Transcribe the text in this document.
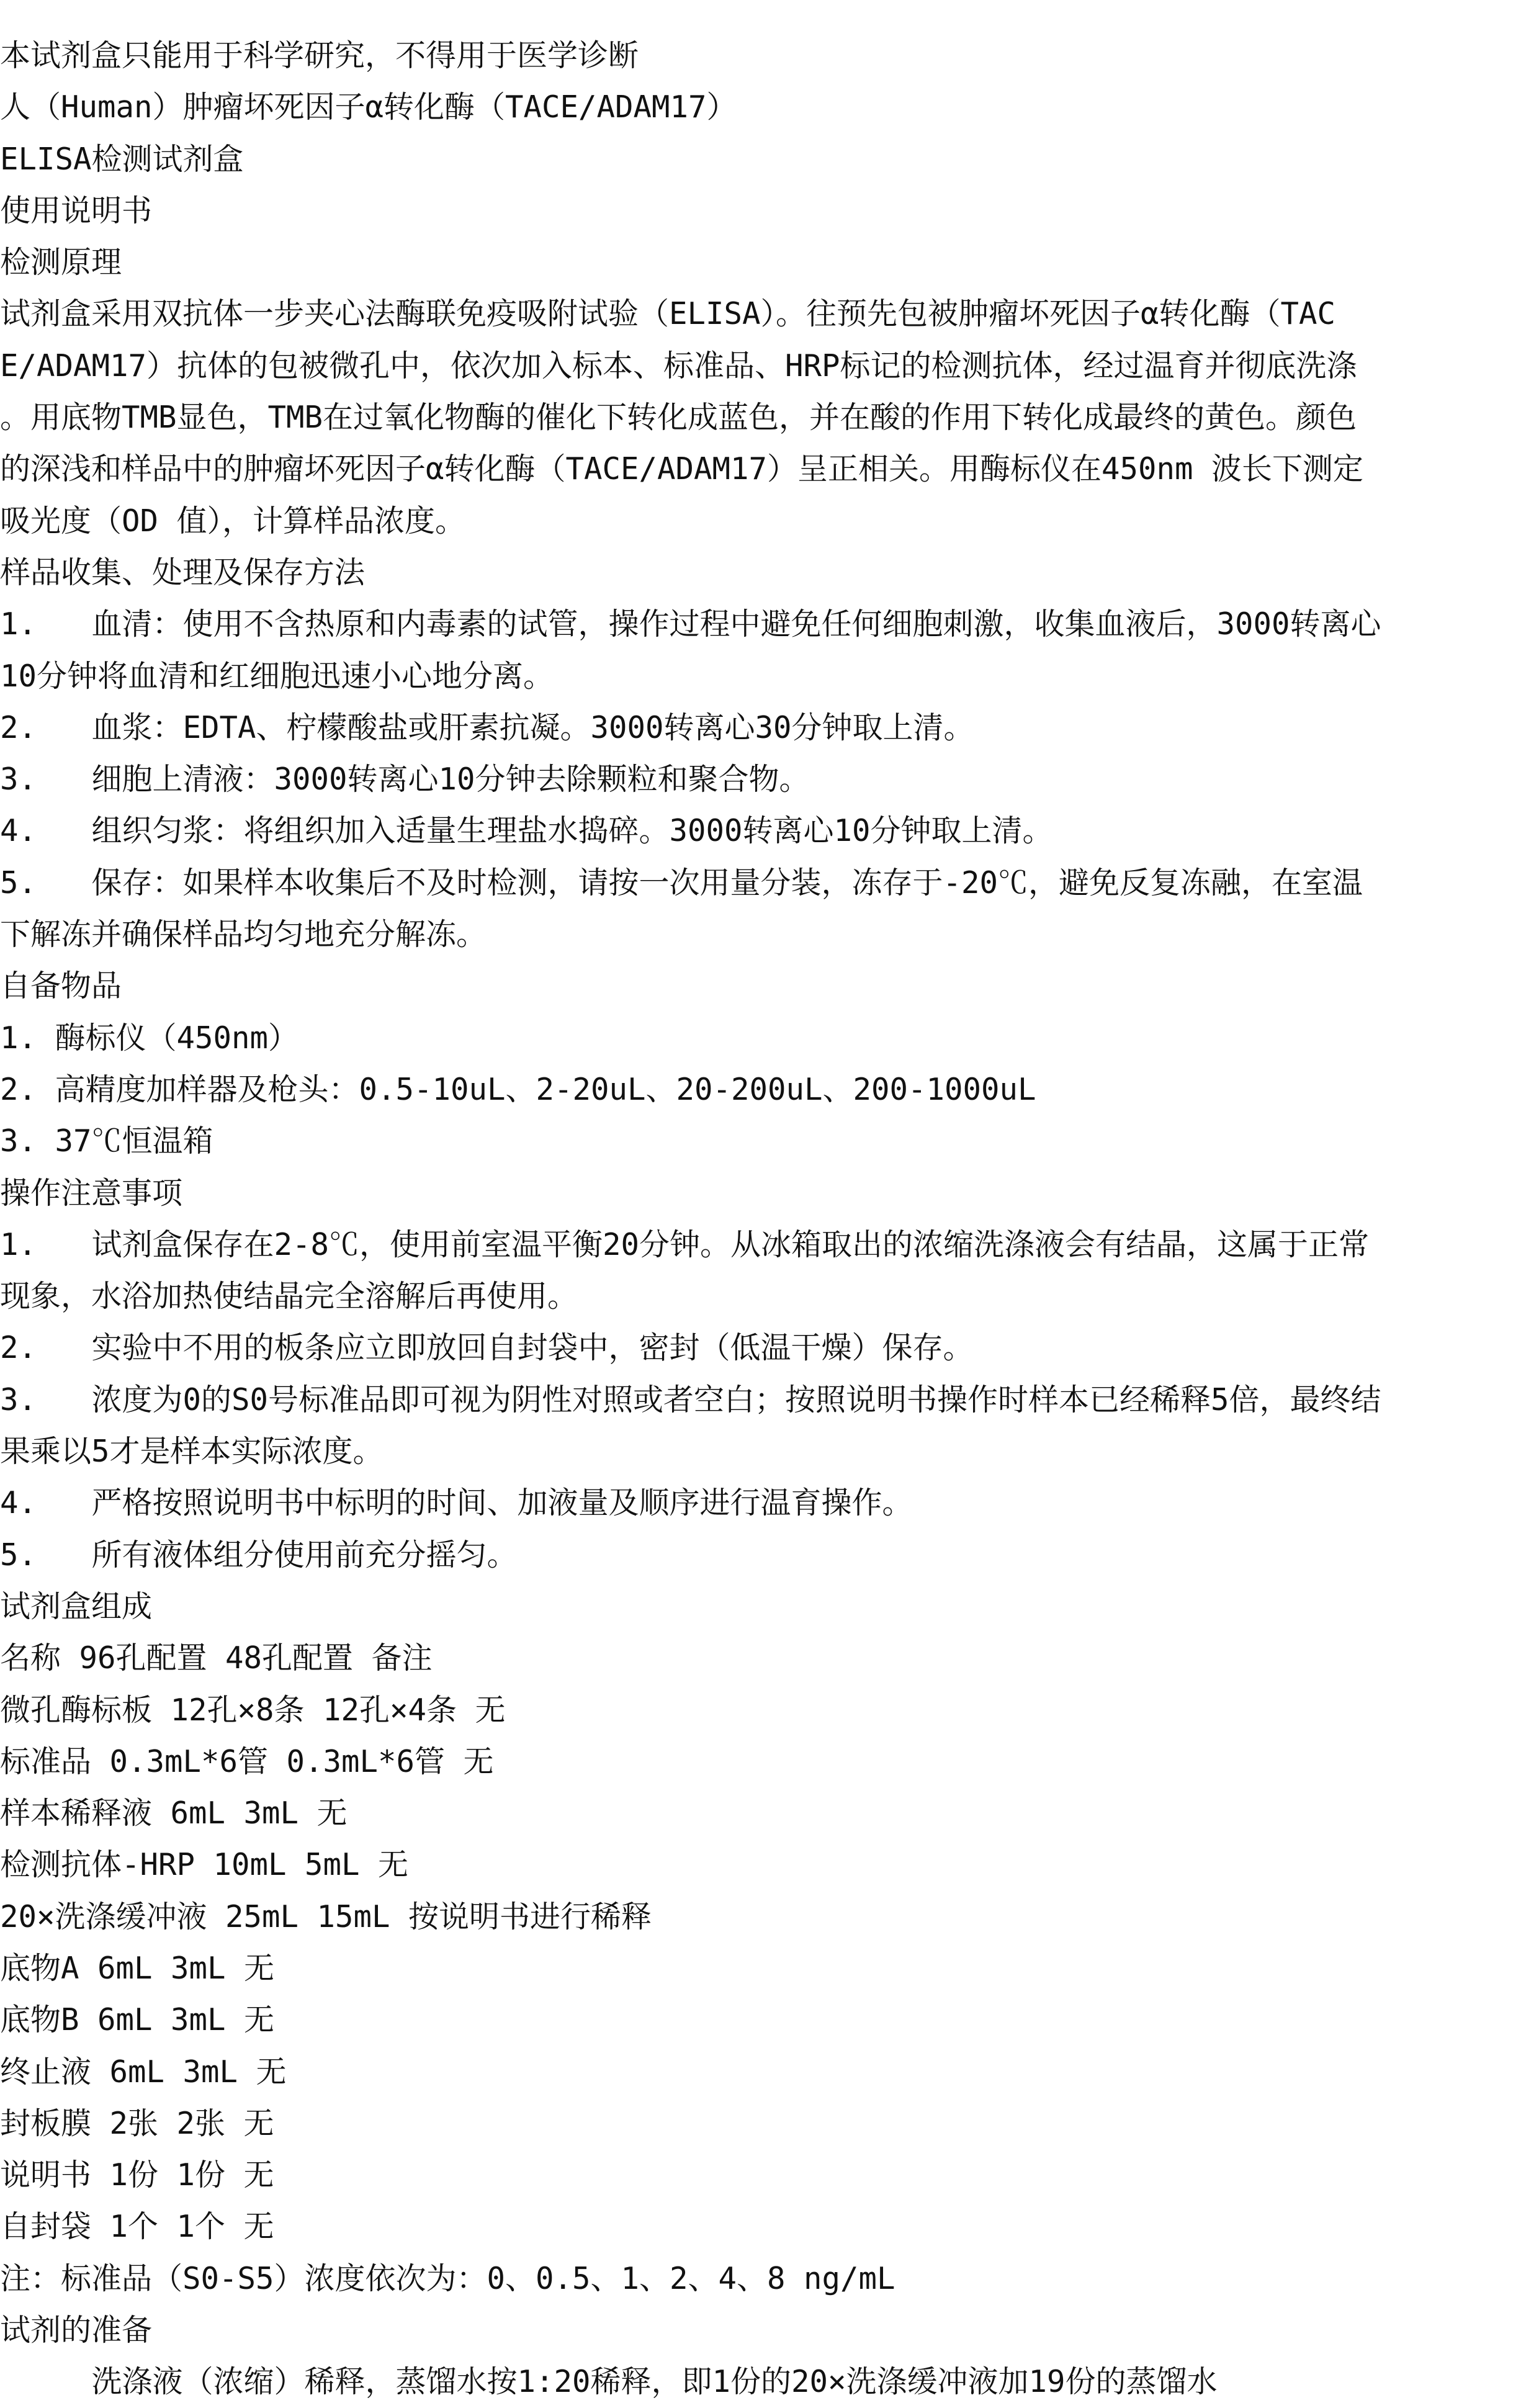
本试剂盒只能用于科学研究，不得用于医学诊断
人（Human）肿瘤坏死因子α转化酶（TACE/ADAM17）
ELISA检测试剂盒
使用说明书
检测原理
试剂盒采用双抗体一步夹心法酶联免疫吸附试验（ELISA）。往预先包被肿瘤坏死因子α转化酶（TAC
E/ADAM17）抗体的包被微孔中，依次加入标本、标准品、HRP标记的检测抗体，经过温育并彻底洗涤
。用底物TMB显色，TMB在过氧化物酶的催化下转化成蓝色，并在酸的作用下转化成最终的黄色。颜色
的深浅和样品中的肿瘤坏死因子α转化酶（TACE/ADAM17）呈正相关。用酶标仪在450nm 波长下测定
吸光度（OD 值），计算样品浓度。
样品收集、处理及保存方法
1.   血清：使用不含热原和内毒素的试管，操作过程中避免任何细胞刺激，收集血液后，3000转离心
10分钟将血清和红细胞迅速小心地分离。
2.   血浆：EDTA、柠檬酸盐或肝素抗凝。3000转离心30分钟取上清。
3.   细胞上清液：3000转离心10分钟去除颗粒和聚合物。
4.   组织匀浆：将组织加入适量生理盐水捣碎。3000转离心10分钟取上清。
5.   保存：如果样本收集后不及时检测，请按一次用量分装，冻存于-20℃，避免反复冻融，在室温
下解冻并确保样品均匀地充分解冻。
自备物品
1. 酶标仪（450nm）
2. 高精度加样器及枪头：0.5-10uL、2-20uL、20-200uL、200-1000uL
3. 37℃恒温箱
操作注意事项
1.   试剂盒保存在2-8℃，使用前室温平衡20分钟。从冰箱取出的浓缩洗涤液会有结晶，这属于正常
现象，水浴加热使结晶完全溶解后再使用。
2.   实验中不用的板条应立即放回自封袋中，密封（低温干燥）保存。
3.   浓度为0的S0号标准品即可视为阴性对照或者空白；按照说明书操作时样本已经稀释5倍，最终结
果乘以5才是样本实际浓度。
4.   严格按照说明书中标明的时间、加液量及顺序进行温育操作。
5.   所有液体组分使用前充分摇匀。
试剂盒组成
名称 96孔配置 48孔配置 备注
微孔酶标板 12孔×8条 12孔×4条 无
标准品 0.3mL*6管 0.3mL*6管 无
样本稀释液 6mL 3mL 无
检测抗体-HRP 10mL 5mL 无
20×洗涤缓冲液 25mL 15mL 按说明书进行稀释
底物A 6mL 3mL 无
底物B 6mL 3mL 无
终止液 6mL 3mL 无
封板膜 2张 2张 无
说明书 1份 1份 无
自封袋 1个 1个 无
注：标准品（S0-S5）浓度依次为：0、0.5、1、2、4、8 ng/mL
试剂的准备
洗涤液（浓缩）稀释，蒸馏水按1:20稀释，即1份的20×洗涤缓冲液加19份的蒸馏水
